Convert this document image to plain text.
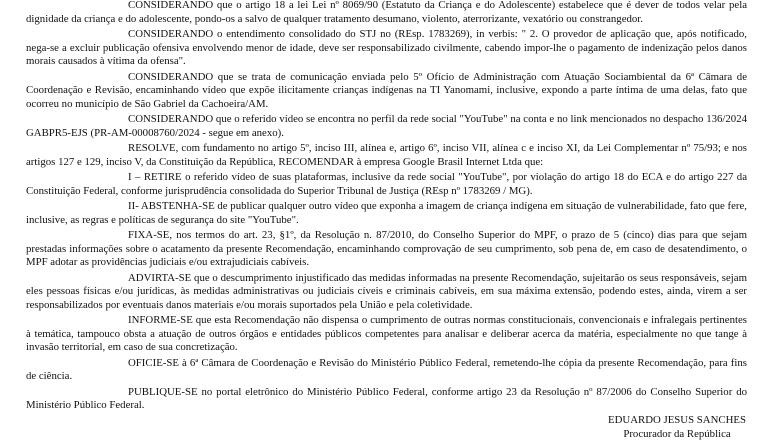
CONSIDERANDO que o artigo 18 a lei Lei nº 8069/90 (Estatuto da Criança e do Adolescente) estabelece que é dever de todos velar pela dignidade da criança e do adolescente, pondo-os a salvo de qualquer tratamento desumano, violento, aterrorizante, vexatório ou constrangedor.

CONSIDERANDO o entendimento consolidado do STJ no (REsp. 1783269), in verbis: " 2. O provedor de aplicação que, após notificado, nega-se a excluir publicação ofensiva envolvendo menor de idade, deve ser responsabilizado civilmente, cabendo impor-lhe o pagamento de indenização pelos danos morais causados à vítima da ofensa".

CONSIDERANDO que se trata de comunicação enviada pelo 5º Ofício de Administração com Atuação Sociambiental da 6ª Câmara de Coordenação e Revisão, encaminhando vídeo que expõe ilicitamente crianças indígenas na TI Yanomami, inclusive, expondo a parte íntima de uma delas, fato que ocorreu no município de São Gabriel da Cachoeira/AM.

CONSIDERANDO que o referido vídeo se encontra no perfil da rede social "YouTube" na conta e no link mencionados no despacho 136/2024 GABPR5-EJS (PR-AM-00008760/2024 - segue em anexo).

RESOLVE, com fundamento no artigo 5º, inciso III, alínea e, artigo 6º, inciso VII, alínea c e inciso XI, da Lei Complementar nº 75/93; e nos artigos 127 e 129, inciso V, da Constituição da República, RECOMENDAR à empresa Google Brasil Internet Ltda que:

I – RETIRE o referido vídeo de suas plataformas, inclusive da rede social "YouTube", por violação do artigo 18 do ECA e do artigo 227 da Constituição Federal, conforme jurisprudência consolidada do Superior Tribunal de Justiça (REsp nº 1783269 / MG).

II- ABSTENHA-SE de publicar qualquer outro vídeo que exponha a imagem de criança indígena em situação de vulnerabilidade, fato que fere, inclusive, as regras e políticas de segurança do site "YouTube".

FIXA-SE, nos termos do art. 23, §1º, da Resolução n. 87/2010, do Conselho Superior do MPF, o prazo de 5 (cinco) dias para que sejam prestadas informações sobre o acatamento da presente Recomendação, encaminhando comprovação de seu cumprimento, sob pena de, em caso de desatendimento, o MPF adotar as providências judiciais e/ou extrajudiciais cabíveis.

ADVIRTA-SE que o descumprimento injustificado das medidas informadas na presente Recomendação, sujeitarão os seus responsáveis, sejam eles pessoas físicas e/ou jurídicas, às medidas administrativas ou judiciais cíveis e criminais cabíveis, em sua máxima extensão, podendo estes, ainda, virem a ser responsabilizados por eventuais danos materiais e/ou morais suportados pela União e pela coletividade.

INFORME-SE que esta Recomendação não dispensa o cumprimento de outras normas constitucionais, convencionais e infralegais pertinentes à temática, tampouco obsta a atuação de outros órgãos e entidades públicos competentes para analisar e deliberar acerca da matéria, especialmente no que tange à invasão territorial, em caso de sua concretização.

OFICIE-SE à 6ª Câmara de Coordenação e Revisão do Ministério Público Federal, remetendo-lhe cópia da presente Recomendação, para fins de ciência.

PUBLIQUE-SE no portal eletrônico do Ministério Público Federal, conforme artigo 23 da Resolução nº 87/2006 do Conselho Superior do Ministério Público Federal.

EDUARDO JESUS SANCHES
Procurador da República
